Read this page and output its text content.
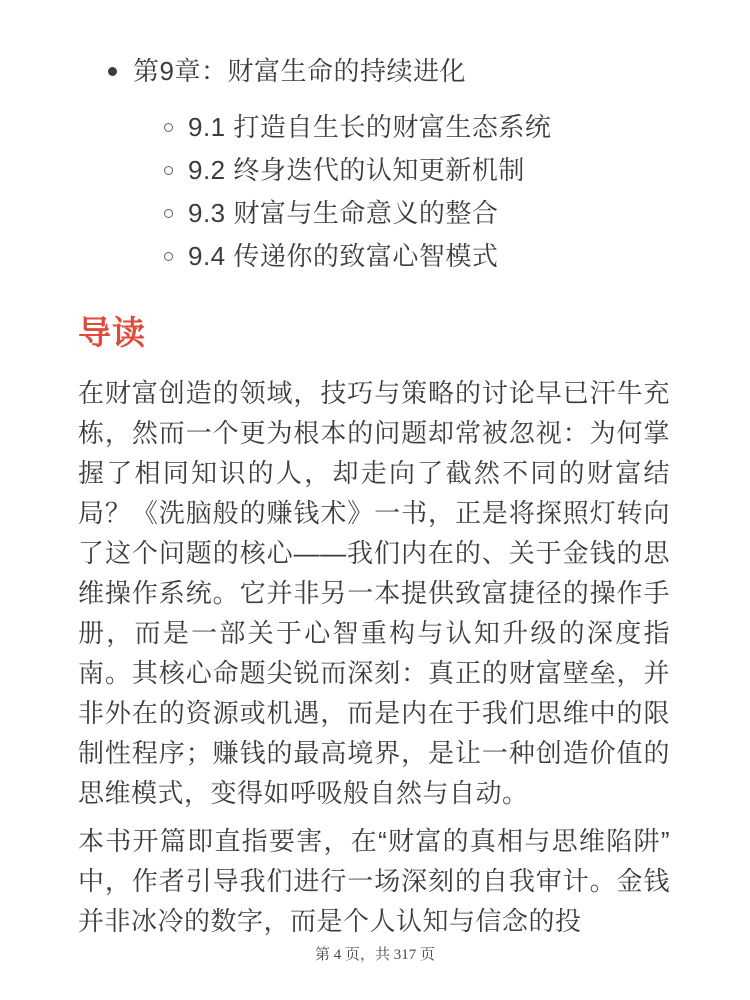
第9章：财富生命的持续进化
9.1 打造自生长的财富生态系统
9.2 终身迭代的认知更新机制
9.3 财富与生命意义的整合
9.4 传递你的致富心智模式
导读

在财富创造的领域，技巧与策略的讨论早已汗牛充栋，然而一个更为根本的问题却常被忽视：为何掌握了相同知识的人，却走向了截然不同的财富结局？《洗脑般的赚钱术》一书，正是将探照灯转向了这个问题的核心——我们内在的、关于金钱的思维操作系统。它并非另一本提供致富捷径的操作手册，而是一部关于心智重构与认知升级的深度指南。其核心命题尖锐而深刻：真正的财富壁垒，并非外在的资源或机遇，而是内在于我们思维中的限制性程序；赚钱的最高境界，是让一种创造价值的思维模式，变得如呼吸般自然与自动。

本书开篇即直指要害，在“财富的真相与思维陷阱”中，作者引导我们进行一场深刻的自我审计。金钱并非冰冷的数字，而是个人认知与信念的投

第 4 页，共 317 页
